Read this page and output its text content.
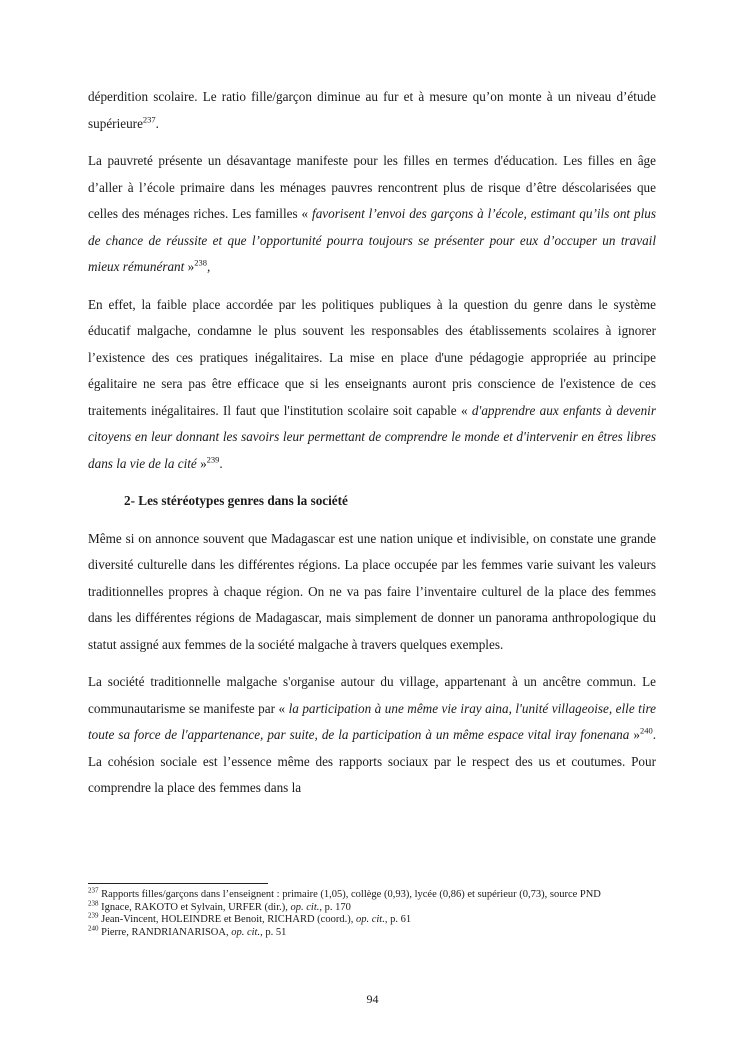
déperdition scolaire. Le ratio fille/garçon diminue au fur et à mesure qu’on monte à un niveau d’étude supérieure$^{237}$.

La pauvreté présente un désavantage manifeste pour les filles en termes d'éducation. Les filles en âge d’aller à l’école primaire dans les ménages pauvres rencontrent plus de risque d’être déscolarisées que celles des ménages riches. Les familles « favorisent l’envoi des garçons à l’école, estimant qu’ils ont plus de chance de réussite et que l’opportunité pourra toujours se présenter pour eux d’occuper un travail mieux rémunérant »$^{238}$,

En effet, la faible place accordée par les politiques publiques à la question du genre dans le système éducatif malgache, condamne le plus souvent les responsables des établissements scolaires à ignorer l’existence des ces pratiques inégalitaires. La mise en place d'une pédagogie appropriée au principe égalitaire ne sera pas être efficace que si les enseignants auront pris conscience de l'existence de ces traitements inégalitaires. Il faut que l'institution scolaire soit capable « d'apprendre aux enfants à devenir citoyens en leur donnant les savoirs leur permettant de comprendre le monde et d'intervenir en êtres libres dans la vie de la cité »$^{239}$.

2- Les stéréotypes genres dans la société

Même si on annonce souvent que Madagascar est une nation unique et indivisible, on constate une grande diversité culturelle dans les différentes régions. La place occupée par les femmes varie suivant les valeurs traditionnelles propres à chaque région. On ne va pas faire l’inventaire culturel de la place des femmes dans les différentes régions de Madagascar, mais simplement de donner un panorama anthropologique du statut assigné aux femmes de la société malgache à travers quelques exemples.

La société traditionnelle malgache s'organise autour du village, appartenant à un ancêtre commun. Le communautarisme se manifeste par « la participation à une même vie iray aina, l'unité villageoise, elle tire toute sa force de l'appartenance, par suite, de la participation à un même espace vital iray fonenana »$^{240}$. La cohésion sociale est l’essence même des rapports sociaux par le respect des us et coutumes. Pour comprendre la place des femmes dans la

$^{237}$ Rapports filles/garçons dans l’enseignent : primaire (1,05), collège (0,93), lycée (0,86) et supérieur (0,73), source PND
$^{238}$ Ignace, RAKOTO et Sylvain, URFER (dir.), op. cit., p. 170
$^{239}$ Jean-Vincent, HOLEINDRE et Benoit, RICHARD (coord.), op. cit., p. 61
$^{240}$ Pierre, RANDRIANARISOA, op. cit., p. 51
94
